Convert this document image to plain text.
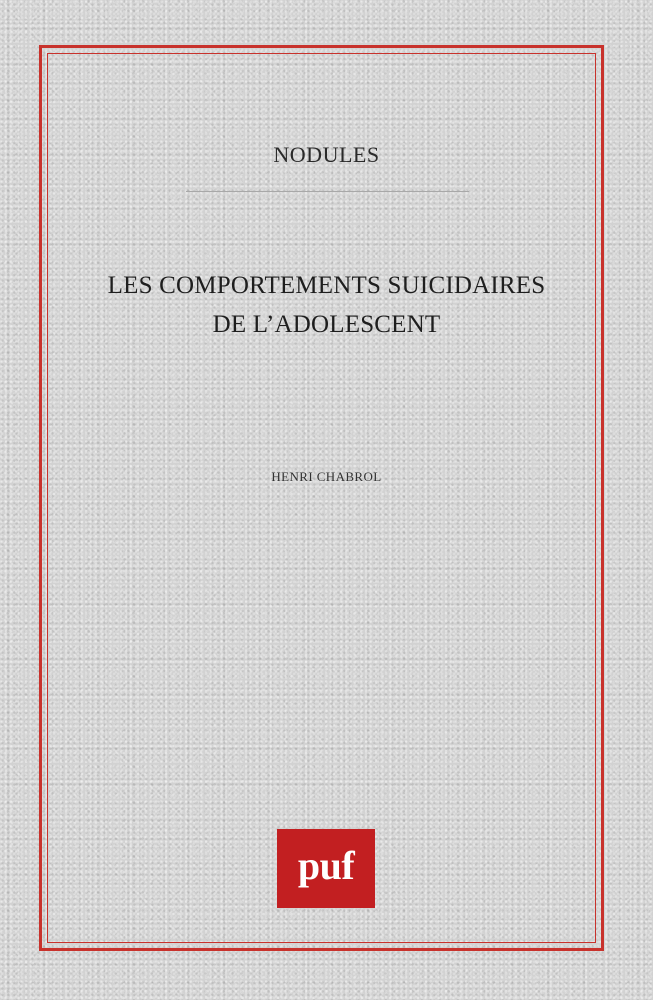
NODULES
LES COMPORTEMENTS SUICIDAIRES
DE L’ADOLESCENT
HENRI CHABROL
puf
